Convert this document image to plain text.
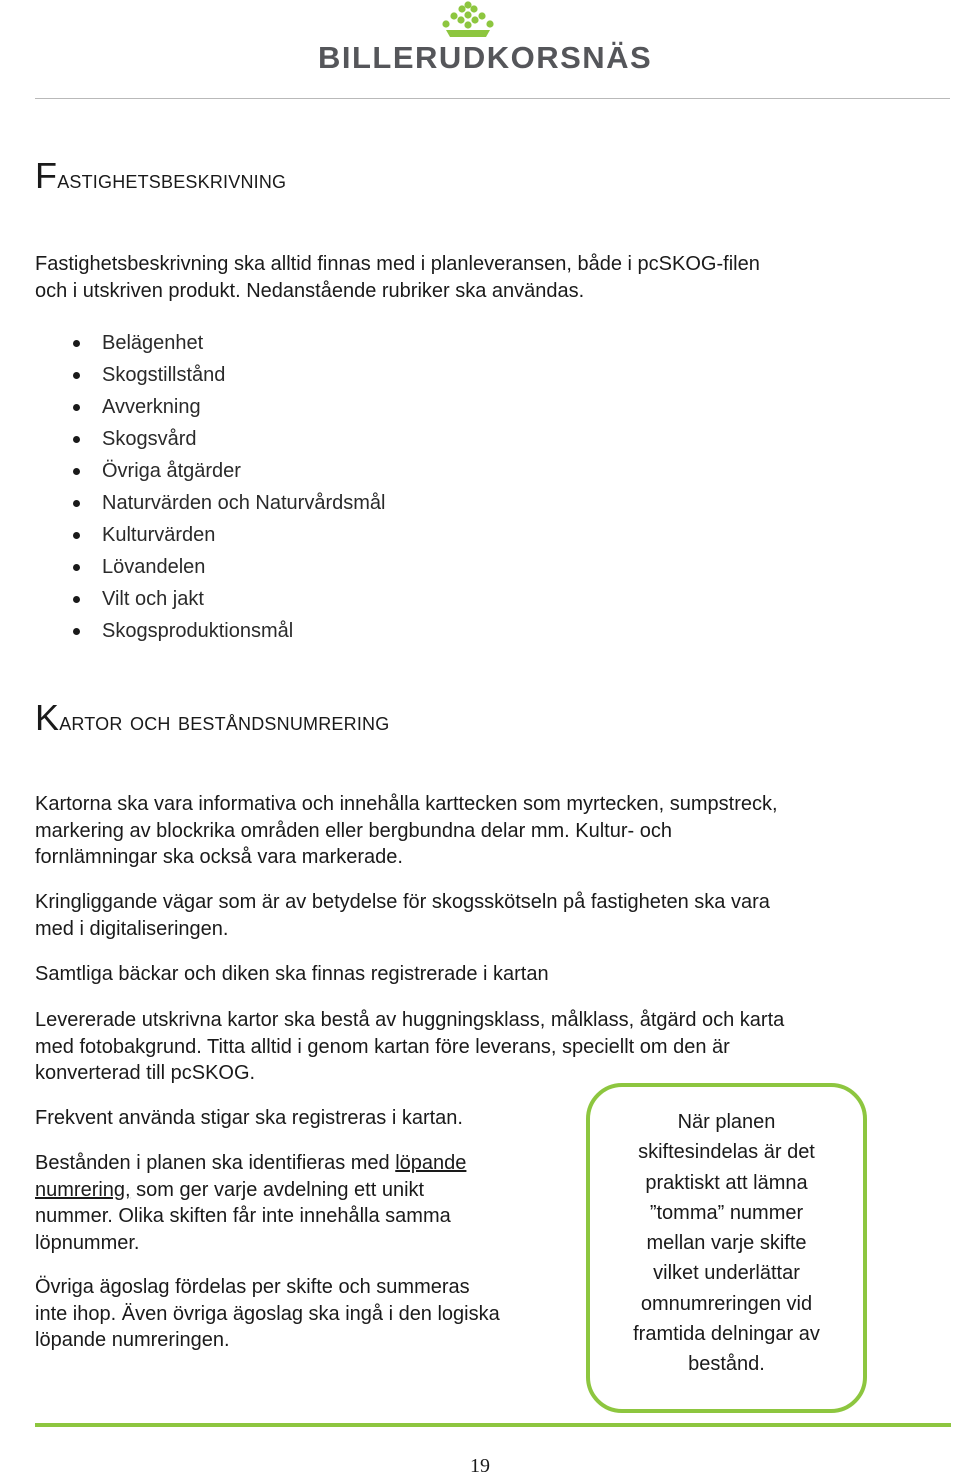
BILLERUDKORSNÄS
Fastighetsbeskrivning
Fastighetsbeskrivning ska alltid finnas med i planleveransen, både i pcSKOG-filen
och i utskriven produkt. Nedanstående rubriker ska användas.
Belägenhet
Skogstillstånd
Avverkning
Skogsvård
Övriga åtgärder
Naturvärden och Naturvårdsmål
Kulturvärden
Lövandelen
Vilt och jakt
Skogsproduktionsmål
Kartor och beståndsnumrering
Kartorna ska vara informativa och innehålla karttecken som myrtecken, sumpstreck,
markering av blockrika områden eller bergbundna delar mm. Kultur- och
fornlämningar ska också vara markerade.
Kringliggande vägar som är av betydelse för skogsskötseln på fastigheten ska vara
med i digitaliseringen.
Samtliga bäckar och diken ska finnas registrerade i kartan
Levererade utskrivna kartor ska bestå av huggningsklass, målklass, åtgärd och karta
med fotobakgrund. Titta alltid i genom kartan före leverans, speciellt om den är
konverterad till pcSKOG.
Frekvent använda stigar ska registreras i kartan.
Bestånden i planen ska identifieras med löpande
numrering, som ger varje avdelning ett unikt
nummer. Olika skiften får inte innehålla samma
löpnummer.
Övriga ägoslag fördelas per skifte och summeras
inte ihop. Även övriga ägoslag ska ingå i den logiska
löpande numreringen.
När planen
skiftesindelas är det
praktiskt att lämna
”tomma” nummer
mellan varje skifte
vilket underlättar
omnumreringen vid
framtida delningar av
bestånd.
19
